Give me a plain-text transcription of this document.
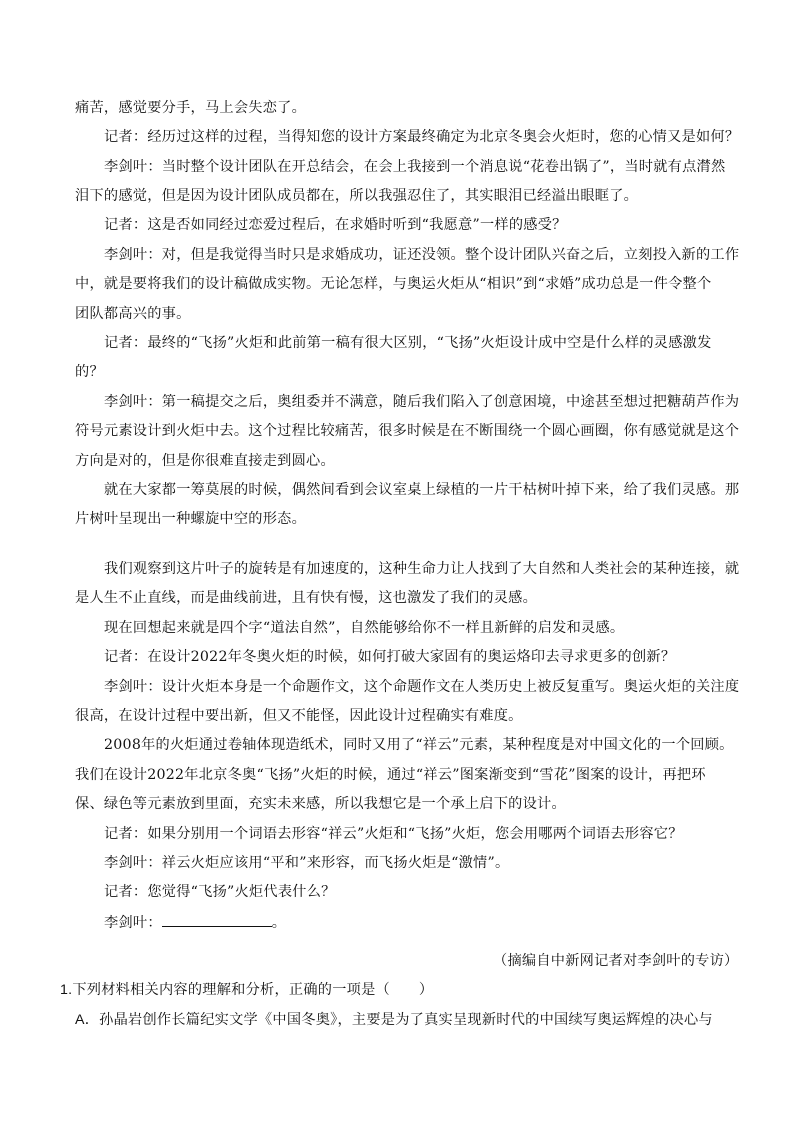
痛苦，感觉要分手，马上会失恋了。
记者：经历过这样的过程，当得知您的设计方案最终确定为北京冬奥会火炬时，您的心情又是如何？
李剑叶：当时整个设计团队在开总结会，在会上我接到一个消息说“花卷出锅了”，当时就有点潸然
泪下的感觉，但是因为设计团队成员都在，所以我强忍住了，其实眼泪已经溢出眼眶了。
记者：这是否如同经过恋爱过程后，在求婚时听到“我愿意”一样的感受？
李剑叶：对，但是我觉得当时只是求婚成功，证还没领。整个设计团队兴奋之后，立刻投入新的工作
中，就是要将我们的设计稿做成实物。无论怎样，与奥运火炬从“相识”到“求婚”成功总是一件令整个
团队都高兴的事。
记者：最终的“飞扬”火炬和此前第一稿有很大区别，“飞扬”火炬设计成中空是什么样的灵感激发
的？
李剑叶：第一稿提交之后，奥组委并不满意，随后我们陷入了创意困境，中途甚至想过把糖葫芦作为
符号元素设计到火炬中去。这个过程比较痛苦，很多时候是在不断围绕一个圆心画圈，你有感觉就是这个
方向是对的，但是你很难直接走到圆心。
就在大家都一筹莫展的时候，偶然间看到会议室桌上绿植的一片干枯树叶掉下来，给了我们灵感。那
片树叶呈现出一种螺旋中空的形态。
我们观察到这片叶子的旋转是有加速度的，这种生命力让人找到了大自然和人类社会的某种连接，就
是人生不止直线，而是曲线前进，且有快有慢，这也激发了我们的灵感。
现在回想起来就是四个字“道法自然”，自然能够给你不一样且新鲜的启发和灵感。
记者：在设计2022年冬奥火炬的时候，如何打破大家固有的奥运烙印去寻求更多的创新？
李剑叶：设计火炬本身是一个命题作文，这个命题作文在人类历史上被反复重写。奥运火炬的关注度
很高，在设计过程中要出新，但又不能怪，因此设计过程确实有难度。
2008年的火炬通过卷轴体现造纸术，同时又用了“祥云”元素，某种程度是对中国文化的一个回顾。
我们在设计2022年北京冬奥“飞扬”火炬的时候，通过“祥云”图案渐变到“雪花”图案的设计，再把环
保、绿色等元素放到里面，充实未来感，所以我想它是一个承上启下的设计。
记者：如果分别用一个词语去形容“祥云”火炬和“飞扬”火炬，您会用哪两个词语去形容它？
李剑叶：祥云火炬应该用“平和”来形容，而飞扬火炬是“激情”。
记者：您觉得“飞扬”火炬代表什么？
李剑叶：	。
（摘编自中新网记者对李剑叶的专访）
1.下列材料相关内容的理解和分析，正确的一项是（　　）
A．孙晶岩创作长篇纪实文学《中国冬奥》，主要是为了真实呈现新时代的中国续写奥运辉煌的决心与
